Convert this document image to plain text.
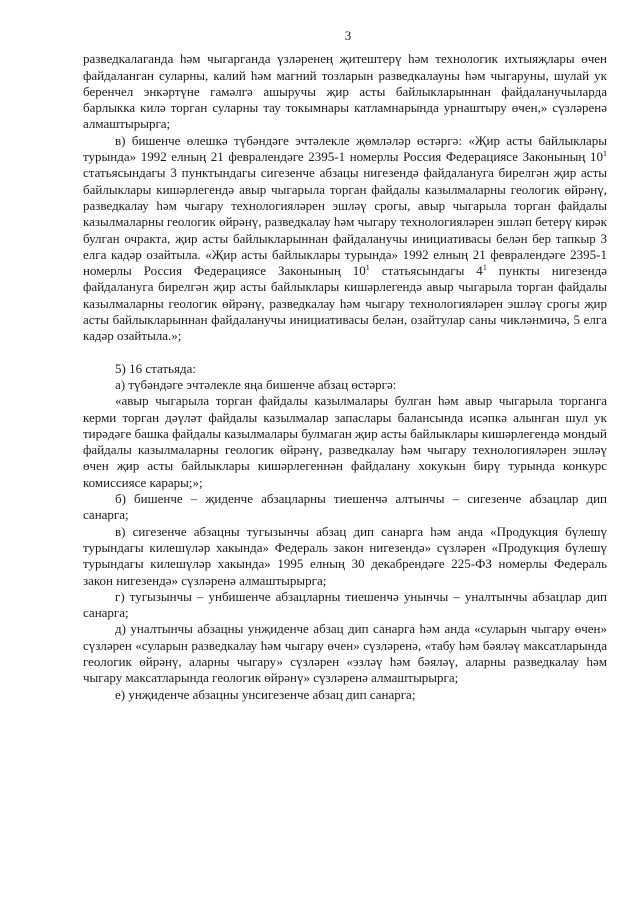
3

разведкалаганда һәм чыгарганда үзләренең җитештерү һәм технологик ихтыяҗлары өчен файдаланган суларны, калий һәм магний тозларын разведкалауны һәм чыгаруны, шулай ук беренчел энкәртүне гамәлгә ашыручы җир асты байлыкларыннан файдаланучыларда барлыкка килә торган суларны тау токымнары катламнарында урнаштыру өчен,» сүзләренә алмаштырырга;

в) бишенче өлешкә түбәндәге эчтәлекле җөмләләр өстәргә: «Җир асты байлыклары турында» 1992 елның 21 февралендәге 2395-1 номерлы Россия Федерациясе Законының $10^1$ статьясындагы 3 пунктындагы сигезенче абзацы нигезендә файдалануга бирелгән җир асты байлыклары кишәрлегендә авыр чыгарыла торган файдалы казылмаларны геологик өйрәнү, разведкалау һәм чыгару технологияләрен эшләү срогы, авыр чыгарыла торган файдалы казылмаларны геологик өйрәнү, разведкалау һәм чыгару технологияләрен эшләп бетерү кирәк булган очракта, җир асты байлыкларыннан файдаланучы инициативасы белән бер тапкыр 3 елга кадәр озайтыла. «Җир асты байлыклары турында» 1992 елның 21 февралендәге 2395-1 номерлы Россия Федерациясе Законының $10^1$ статьясындагы $4^1$ пункты нигезендә файдалануга бирелгән җир асты байлыклары кишәрлегендә авыр чыгарыла торган файдалы казылмаларны геологик өйрәнү, разведкалау һәм чыгару технологияләрен эшләү срогы җир асты байлыкларыннан файдаланучы инициативасы белән, озайтулар саны чикләнмичә, 5 елга кадәр озайтыла.»;

5) 16 статьяда:

а) түбәндәге эчтәлекле яңа бишенче абзац өстәргә:

«авыр чыгарыла торган файдалы казылмалары булган һәм авыр чыгарыла торганга керми торган дәүләт файдалы казылмалар запаслары балансында исәпкә алынган шул ук тирәдәге башка файдалы казылмалары булмаган җир асты байлыклары кишәрлегендә мондый файдалы казылмаларны геологик өйрәнү, разведкалау һәм чыгару технологияләрен эшләү өчен җир асты байлыклары кишәрлегеннән файдалану хокукын бирү турында конкурс комиссиясе карары;»;

б) бишенче – җиденче абзацларны тиешенчә алтынчы – сигезенче абзацлар дип санарга;

в) сигезенче абзацны тугызынчы абзац дип санарга һәм анда «Продукция бүлешү турындагы килешүләр хакында» Федераль закон нигезендә» сүзләрен «Продукция бүлешү турындагы килешүләр хакында» 1995 елның 30 декабрендәге 225-ФЗ номерлы Федераль закон нигезендә» сүзләренә алмаштырырга;

г) тугызынчы – унбишенче абзацларны тиешенчә унынчы – уналтынчы абзацлар дип санарга;

д) уналтынчы абзацны унҗиденче абзац дип санарга һәм анда «суларын чыгару өчен» сүзләрен «суларын разведкалау һәм чыгару өчен» сүзләренә, «табу һәм бәяләү максатларында геологик өйрәнү, аларны чыгару» сүзләрен «эзләү һәм бәяләү, аларны разведкалау һәм чыгару максатларында геологик өйрәнү» сүзләренә алмаштырырга;

е) унҗиденче абзацны унсигезенче абзац дип санарга;
